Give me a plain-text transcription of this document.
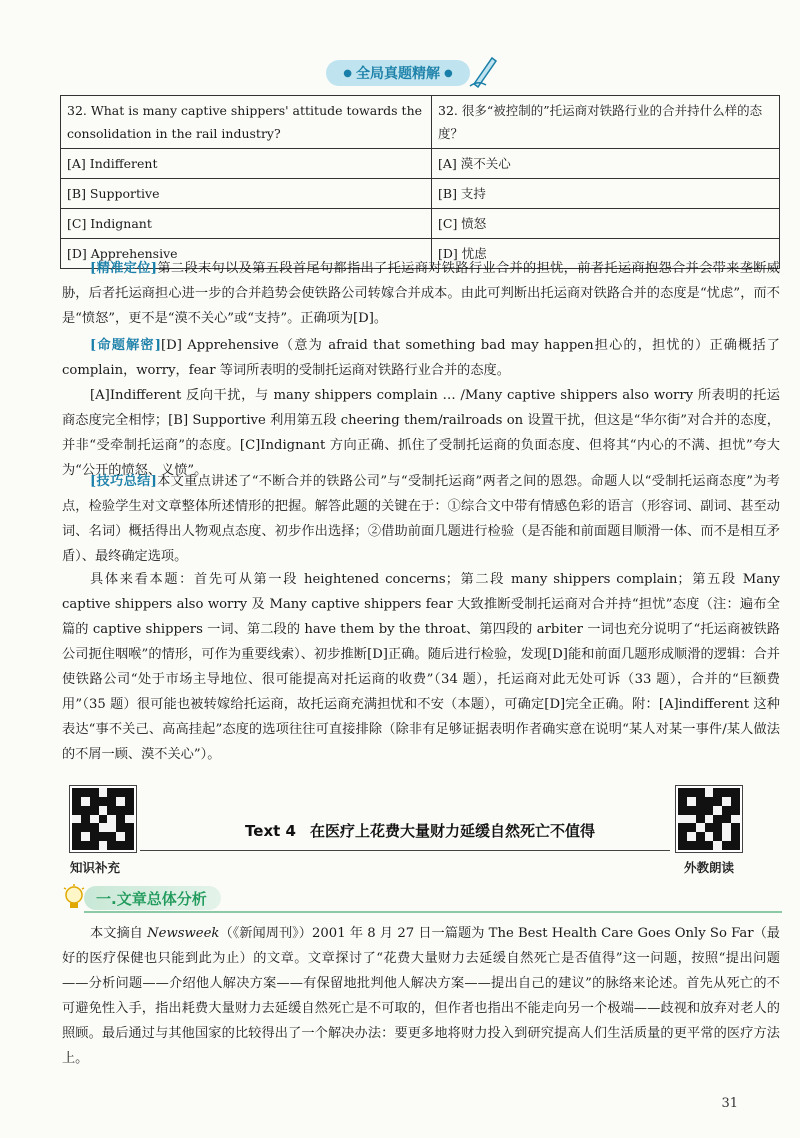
● 全局真题精解 ●
32. What is many captive shippers' attitude towards the consolidation in the rail industry?	32. 很多“被控制的”托运商对铁路行业的合并持什么样的态度？
[A] Indifferent	[A] 漠不关心
[B] Supportive	[B] 支持
[C] Indignant	[C] 愤怒
[D] Apprehensive	[D] 忧虑

[精准定位]第二段末句以及第五段首尾句都指出了托运商对铁路行业合并的担忧，前者托运商抱怨合并会带来垄断威胁，后者托运商担心进一步的合并趋势会使铁路公司转嫁合并成本。由此可判断出托运商对铁路合并的态度是“忧虑”，而不是“愤怒”，更不是“漠不关心”或“支持”。正确项为[D]。

[命题解密][D] Apprehensive（意为 afraid that something bad may happen担心的，担忧的）正确概括了 complain，worry，fear 等词所表明的受制托运商对铁路行业合并的态度。

[A]Indifferent 反向干扰，与 many shippers complain … /Many captive shippers also worry 所表明的托运商态度完全相悖；[B] Supportive 利用第五段 cheering them/railroads on 设置干扰，但这是“华尔街”对合并的态度，并非“受牵制托运商”的态度。[C]Indignant 方向正确、抓住了受制托运商的负面态度、但将其“内心的不满、担忧”夸大为“公开的愤怒、义愤”。

[技巧总结]本文重点讲述了“不断合并的铁路公司”与“受制托运商”两者之间的恩怨。命题人以“受制托运商态度”为考点，检验学生对文章整体所述情形的把握。解答此题的关键在于：①综合文中带有情感色彩的语言（形容词、副词、甚至动词、名词）概括得出人物观点态度、初步作出选择；②借助前面几题进行检验（是否能和前面题目顺滑一体、而不是相互矛盾）、最终确定选项。

具体来看本题：首先可从第一段 heightened concerns；第二段 many shippers complain；第五段 Many captive shippers also worry 及 Many captive shippers fear 大致推断受制托运商对合并持“担忧”态度（注：遍布全篇的 captive shippers 一词、第二段的 have them by the throat、第四段的 arbiter 一词也充分说明了“托运商被铁路公司扼住咽喉”的情形，可作为重要线索）、初步推断[D]正确。随后进行检验，发现[D]能和前面几题形成顺滑的逻辑：合并使铁路公司“处于市场主导地位、很可能提高对托运商的收费”（34 题），托运商对此无处可诉（33 题），合并的“巨额费用”（35 题）很可能也被转嫁给托运商，故托运商充满担忧和不安（本题），可确定[D]完全正确。附：[A]indifferent 这种表达“事不关己、高高挂起”态度的选项往往可直接排除（除非有足够证据表明作者确实意在说明“某人对某一事件/某人做法的不屑一顾、漠不关心”）。

知识补充	外教朗读
Text 4 在医疗上花费大量财力延缓自然死亡不值得
一.文章总体分析

本文摘自 Newsweek（《新闻周刊》）2001 年 8 月 27 日一篇题为 The Best Health Care Goes Only So Far（最好的医疗保健也只能到此为止）的文章。文章探讨了“花费大量财力去延缓自然死亡是否值得”这一问题，按照“提出问题——分析问题——介绍他人解决方案——有保留地批判他人解决方案——提出自己的建议”的脉络来论述。首先从死亡的不可避免性入手，指出耗费大量财力去延缓自然死亡是不可取的，但作者也指出不能走向另一个极端——歧视和放弃对老人的照顾。最后通过与其他国家的比较得出了一个解决办法：要更多地将财力投入到研究提高人们生活质量的更平常的医疗方法上。

31
